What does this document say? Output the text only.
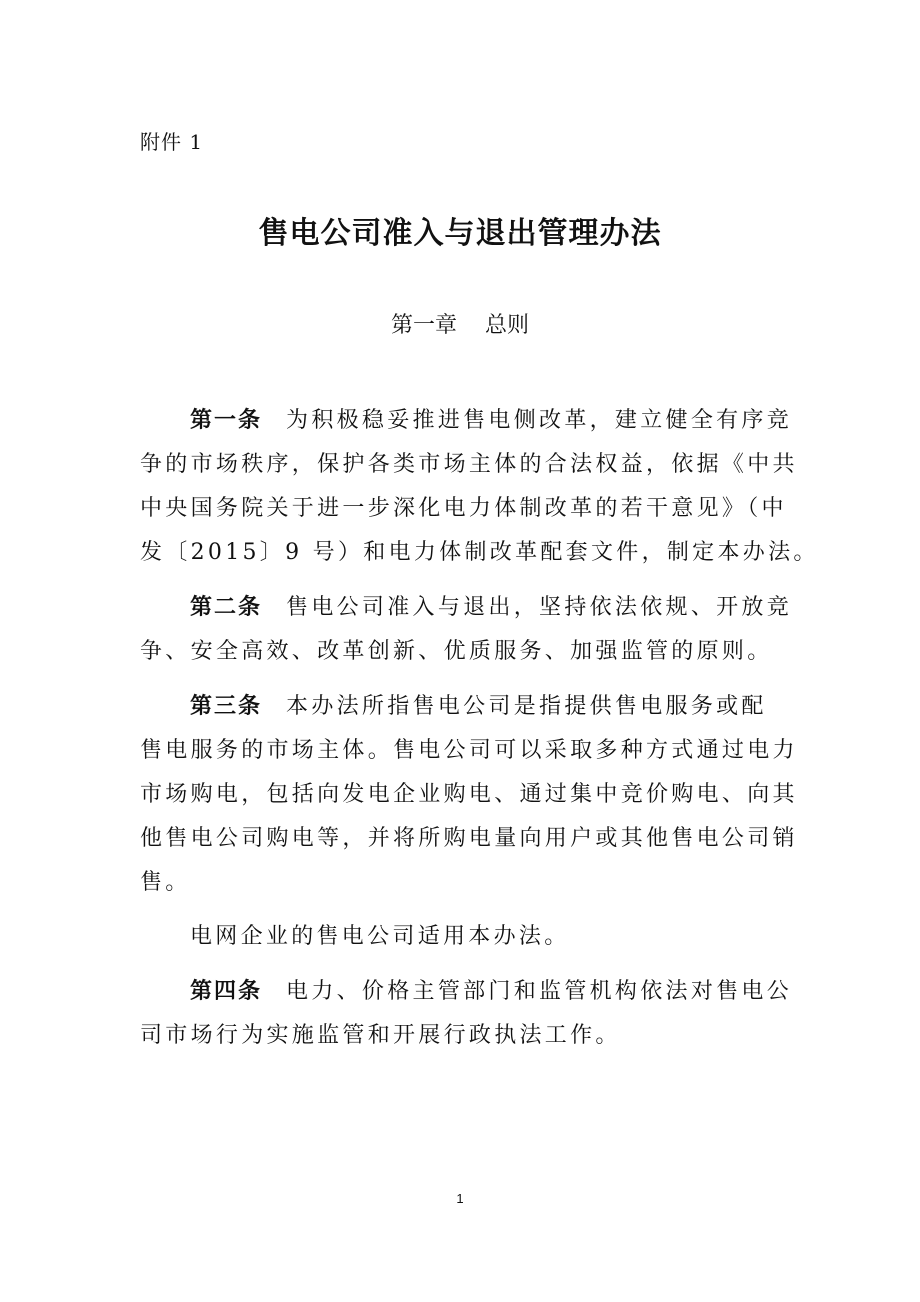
附件 1
售电公司准入与退出管理办法
第一章 总则
第一条 为积极稳妥推进售电侧改革，建立健全有序竞
争的市场秩序，保护各类市场主体的合法权益，依据《中共
中央国务院关于进一步深化电力体制改革的若干意见》（中
发〔2015〕9 号）和电力体制改革配套文件，制定本办法。
第二条 售电公司准入与退出，坚持依法依规、开放竞
争、安全高效、改革创新、优质服务、加强监管的原则。
第三条 本办法所指售电公司是指提供售电服务或配
售电服务的市场主体。售电公司可以采取多种方式通过电力
市场购电，包括向发电企业购电、通过集中竞价购电、向其
他售电公司购电等，并将所购电量向用户或其他售电公司销
售。
电网企业的售电公司适用本办法。
第四条 电力、价格主管部门和监管机构依法对售电公
司市场行为实施监管和开展行政执法工作。
1
